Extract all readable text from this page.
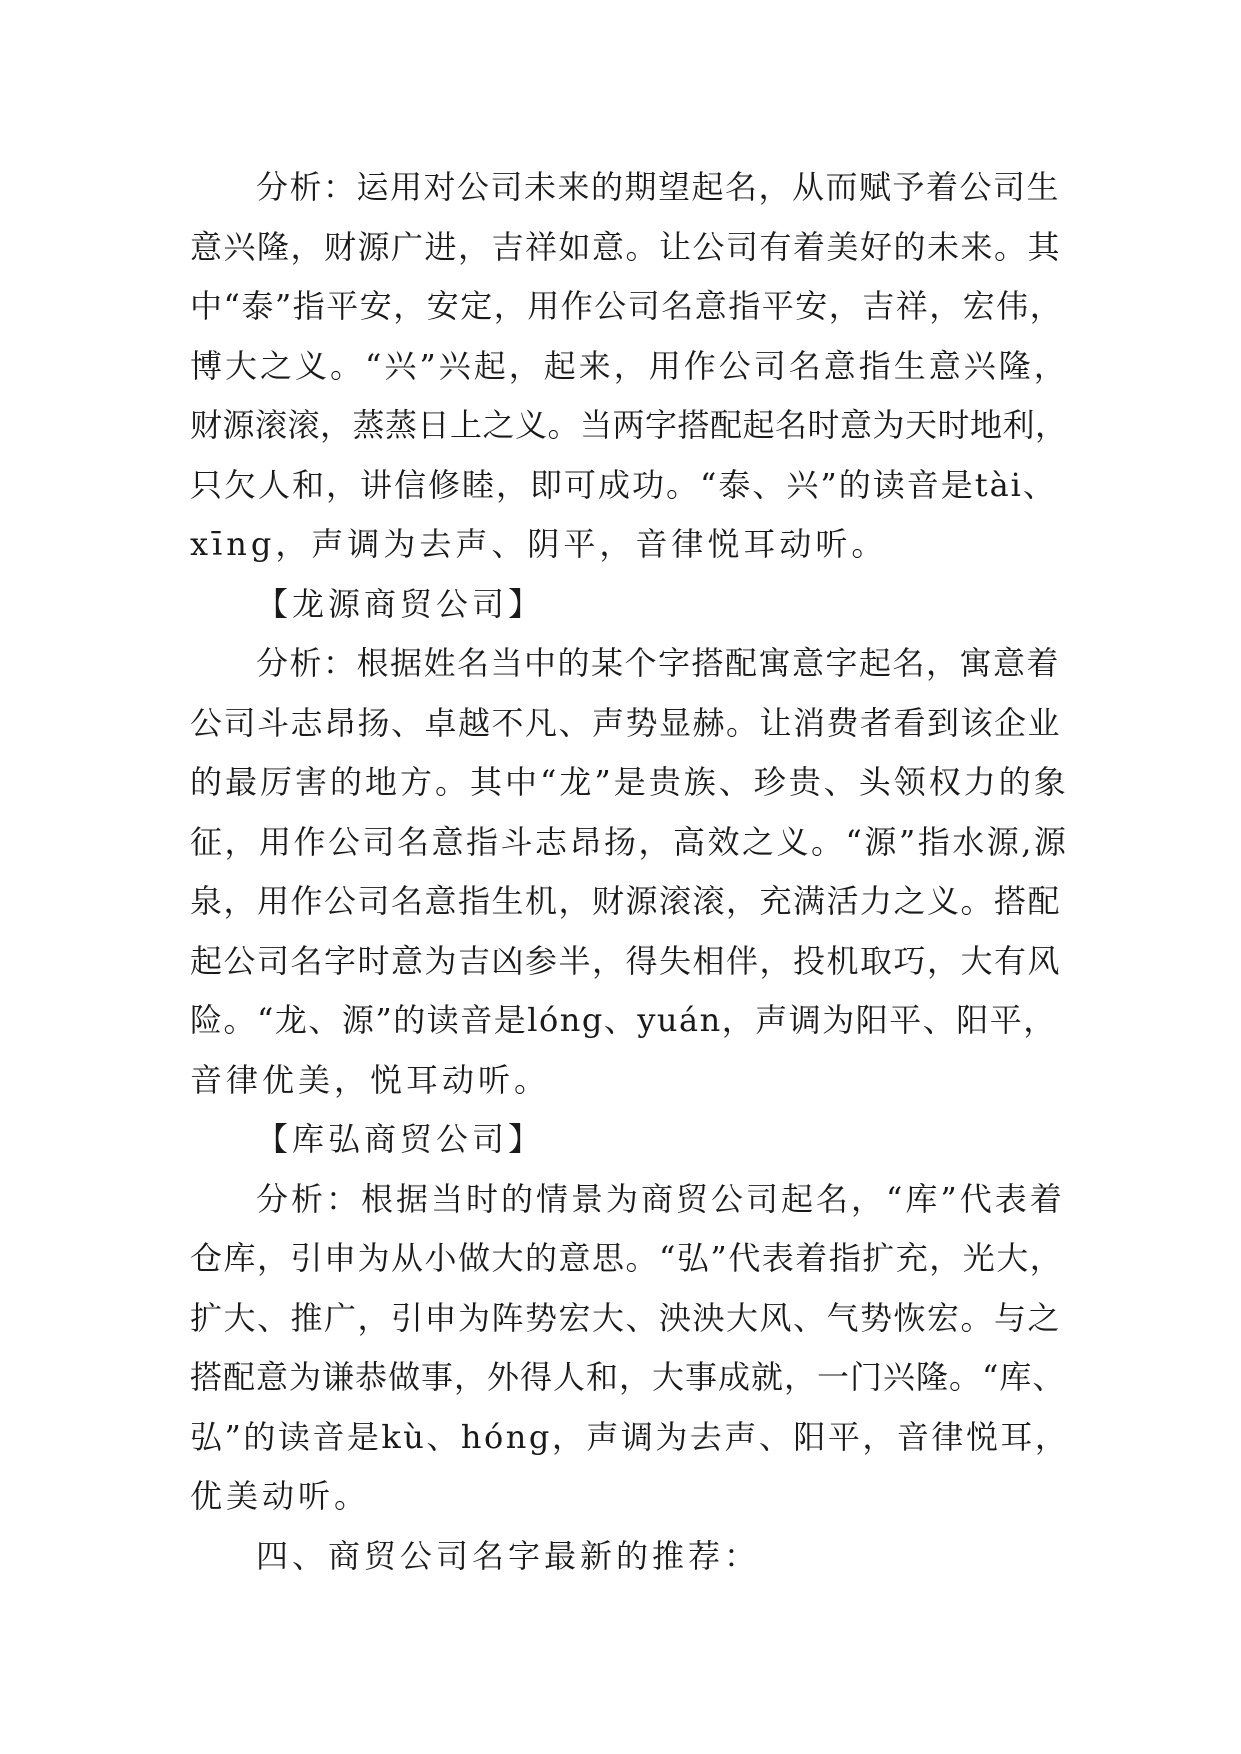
分析：运用对公司未来的期望起名，从而赋予着公司生
意兴隆，财源广进，吉祥如意。让公司有着美好的未来。其
中“泰”指平安，安定，用作公司名意指平安，吉祥，宏伟，
博大之义。“兴”兴起，起来，用作公司名意指生意兴隆，
财源滚滚，蒸蒸日上之义。当两字搭配起名时意为天时地利，
只欠人和，讲信修睦，即可成功。“泰、兴”的读音是tài、
xīng，声调为去声、阴平，音律悦耳动听。
【龙源商贸公司】
分析：根据姓名当中的某个字搭配寓意字起名，寓意着
公司斗志昂扬、卓越不凡、声势显赫。让消费者看到该企业
的最厉害的地方。其中“龙”是贵族、珍贵、头领权力的象
征，用作公司名意指斗志昂扬，高效之义。“源”指水源,源
泉，用作公司名意指生机，财源滚滚，充满活力之义。搭配
起公司名字时意为吉凶参半，得失相伴，投机取巧，大有风
险。“龙、源”的读音是lóng、yuán，声调为阳平、阳平，
音律优美，悦耳动听。
【库弘商贸公司】
分析：根据当时的情景为商贸公司起名，“库”代表着
仓库，引申为从小做大的意思。“弘”代表着指扩充，光大，
扩大、推广，引申为阵势宏大、泱泱大风、气势恢宏。与之
搭配意为谦恭做事，外得人和，大事成就，一门兴隆。“库、
弘”的读音是kù、hóng，声调为去声、阳平，音律悦耳，
优美动听。
四、商贸公司名字最新的推荐：
